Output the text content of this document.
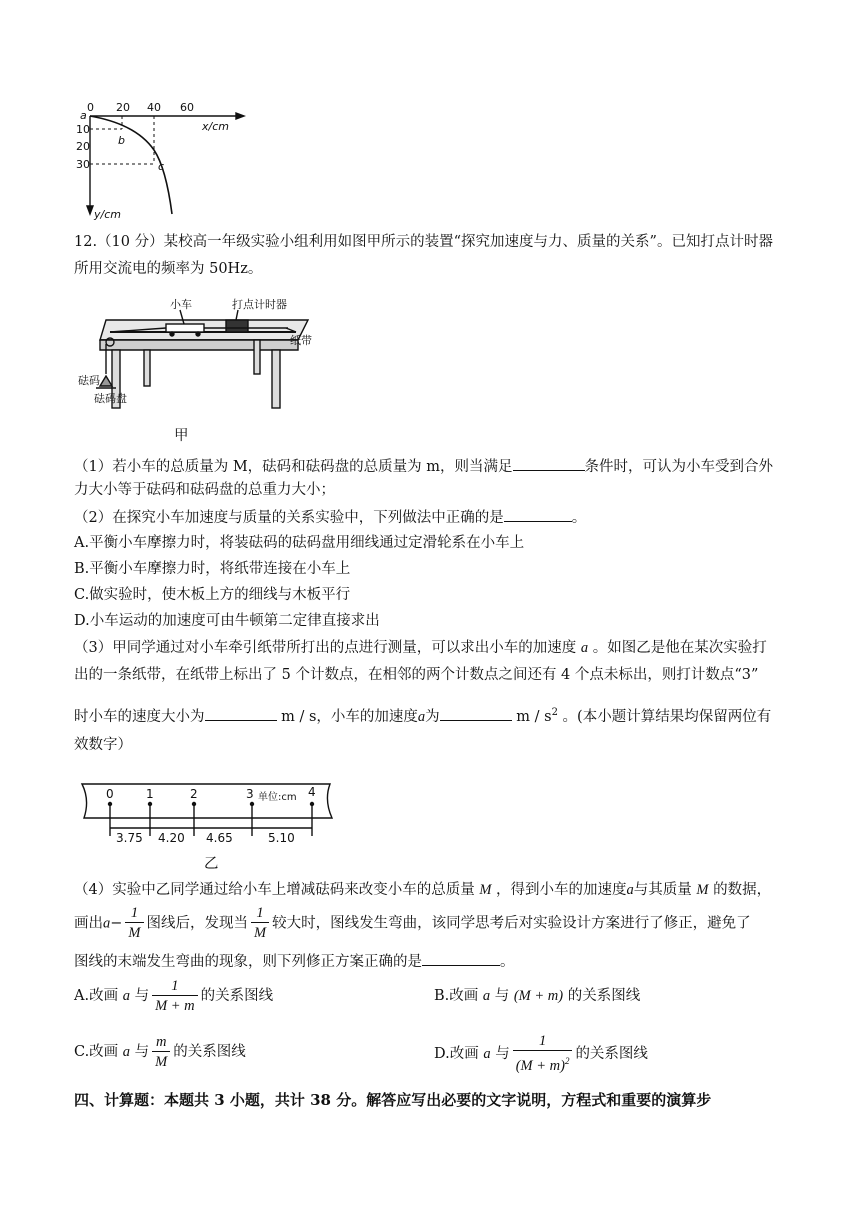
a
0 20 40 60
x/cm
10
20
30
y/cm
b
c
12.（10 分）某校高一年级实验小组利用如图甲所示的装置“探究加速度与力、质量的关系”。已知打点计时器
所用交流电的频率为 50Hz。
小车	打点计时器
纸带
砝码
砝码盘
甲
（1）若小车的总质量为 M，砝码和砝码盘的总质量为 m，则当满足	条件时，可认为小车受到合外
力大小等于砝码和砝码盘的总重力大小；
（2）在探究小车加速度与质量的关系实验中，下列做法中正确的是	。
A.平衡小车摩擦力时，将装砝码的砝码盘用细线通过定滑轮系在小车上
B.平衡小车摩擦力时，将纸带连接在小车上
C.做实验时，使木板上方的细线与木板平行
D.小车运动的加速度可由牛顿第二定律直接求出
（3）甲同学通过对小车牵引纸带所打出的点进行测量，可以求出小车的加速度 a 。如图乙是他在某次实验打
出的一条纸带，在纸带上标出了 5 个计数点，在相邻的两个计数点之间还有 4 个点未标出，则打计数点“3”
时小车的速度大小为	m / s，小车的加速度a为	m / $s^2$ 。(本小题计算结果均保留两位有
效数字）
0	1	2	3 单位:cm 4
3.75 4.20 4.65	5.10
乙
（4）实验中乙同学通过给小车上增减砝码来改变小车的总质量 M ，得到小车的加速度a与其质量 M 的数据，
画出$a- \frac{1}{M}$ 图线后，发现当 $\frac{1}{M}$ 较大时，图线发生弯曲，该同学思考后对实验设计方案进行了修正，避免了
图线的末端发生弯曲的现象，则下列修正方案正确的是	。
A.改画 a 与 $\frac{1}{M + m}$ 的关系图线	B.改画 a 与 (M + m) 的关系图线
C.改画 a 与 $\frac{m}{M}$ 的关系图线	D.改画 a 与 $\frac{1}{(M + m)^2}$ 的关系图线
四、计算题：本题共 3 小题，共计 38 分。解答应写出必要的文字说明，方程式和重要的演算步
